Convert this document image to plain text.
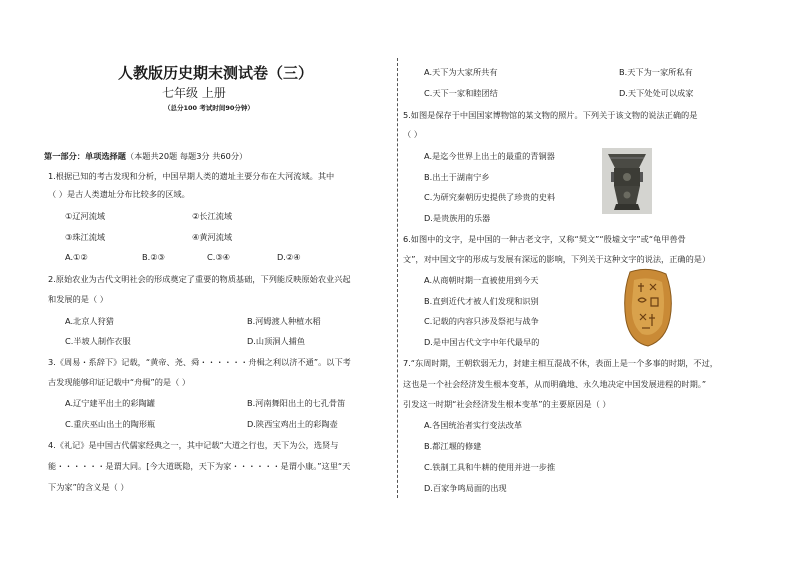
人教版历史期末测试卷（三）
七年级 上册
（总分100 考试时间90分钟）
第一部分：单项选择题（本题共20题 每题3分 共60分）
1.根据已知的考古发现和分析，中国早期人类的遗址主要分布在大河流域。其中
（ ）是古人类遗址分布比较多的区域。
①辽河流域	②长江流域
③珠江流域	④黄河流域
A.①②	B.②③	C.③④	D.②④
2.原始农业为古代文明社会的形成奠定了重要的物质基础，下列能反映原始农业兴起
和发展的是（ ）
A.北京人狩猎	B.河姆渡人种植水稻
C.半坡人制作衣服	D.山顶洞人捕鱼
3.《周易・系辞下》记载，“黄帝、尧、舜・・・・・・舟楫之利以济不通”。以下考
古发现能够印证记载中“舟楫”的是（ ）
A.辽宁建平出土的彩陶罐	B.河南舞阳出土的七孔骨笛
C.重庆巫山出土的陶形瓶	D.陕西宝鸡出土的彩陶壶
4.《礼记》是中国古代儒家经典之一，其中记载“大道之行也，天下为公，选贤与
能・・・・・・是谓大同。[今大道既隐，天下为家・・・・・・是谓小康。”这里“天
下为家”的含义是（ ）
A.天下为大家所共有	B.天下为一家所私有
C.天下一家和睦团结	D.天下处处可以成家
5.如图是保存于中国国家博物馆的某文物的照片。下列关于该文物的说法正确的是
（ ）
A.是迄今世界上出土的最重的青铜器
B.出土于湖南宁乡
C.为研究秦朝历史提供了珍贵的史料
D.是贵族用的乐器
6.如图中的文字，是中国的一种古老文字，又称“契文”“殷墟文字”或“龟甲兽骨
文”，对中国文字的形成与发展有深远的影响，下列关于这种文字的说法，正确的是）
A.从商朝时期一直被使用到今天
B.直到近代才被人们发现和识别
C.记载的内容只涉及祭祀与战争
D.是中国古代文字中年代最早的
7.“东周时期，王朝软弱无力，封建主相互混战不休，表面上是一个多事的时期，不过，
这也是一个社会经济发生根本变革，从而明确地、永久地决定中国发展进程的时期。”
引发这一时期“社会经济发生根本变革”的主要原因是（ ）
A.各国统治者实行变法改革
B.都江堰的修建
C.铁制工具和牛耕的使用并进一步推
D.百家争鸣局面的出现
